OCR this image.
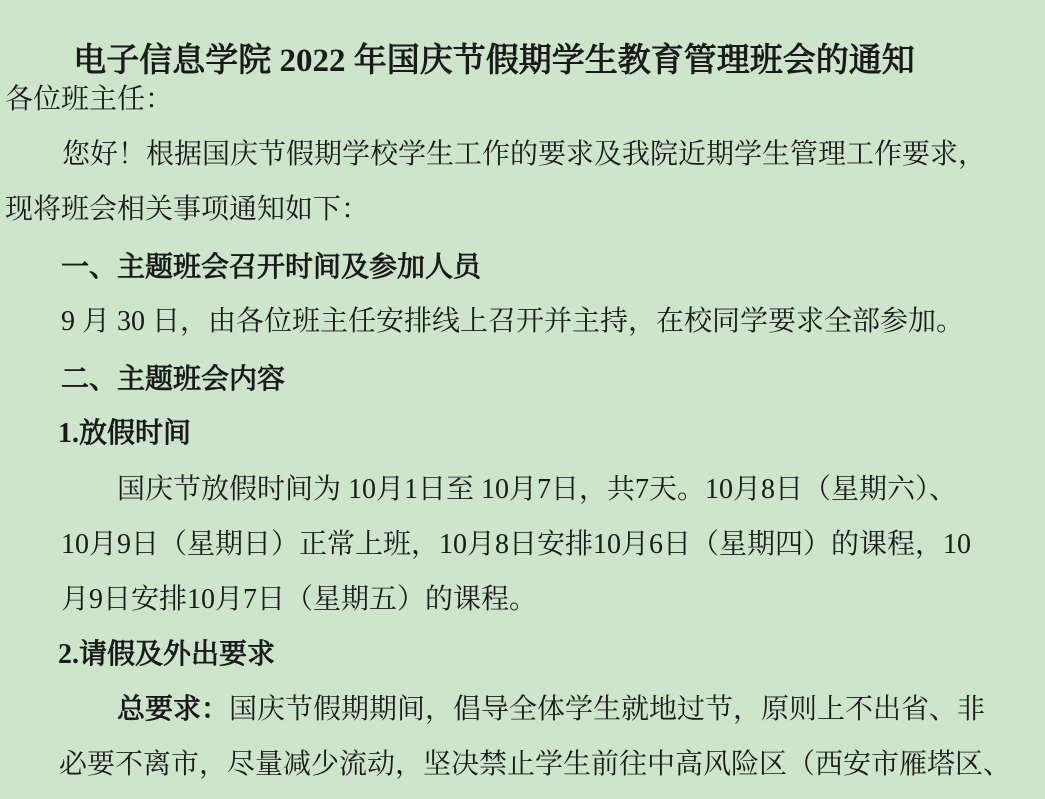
电子信息学院 2022 年国庆节假期学生教育管理班会的通知
各位班主任：
您好！根据国庆节假期学校学生工作的要求及我院近期学生管理工作要求，
现将班会相关事项通知如下：
一、主题班会召开时间及参加人员
9 月 30 日，由各位班主任安排线上召开并主持，在校同学要求全部参加。
二、主题班会内容
1.放假时间
国庆节放假时间为 10月1日至 10月7日，共7天。10月8日（星期六）、
10月9日（星期日）正常上班，10月8日安排10月6日（星期四）的课程，10
月9日安排10月7日（星期五）的课程。
2.请假及外出要求
总要求：国庆节假期期间，倡导全体学生就地过节，原则上不出省、非
必要不离市，尽量减少流动，坚决禁止学生前往中高风险区（西安市雁塔区、
